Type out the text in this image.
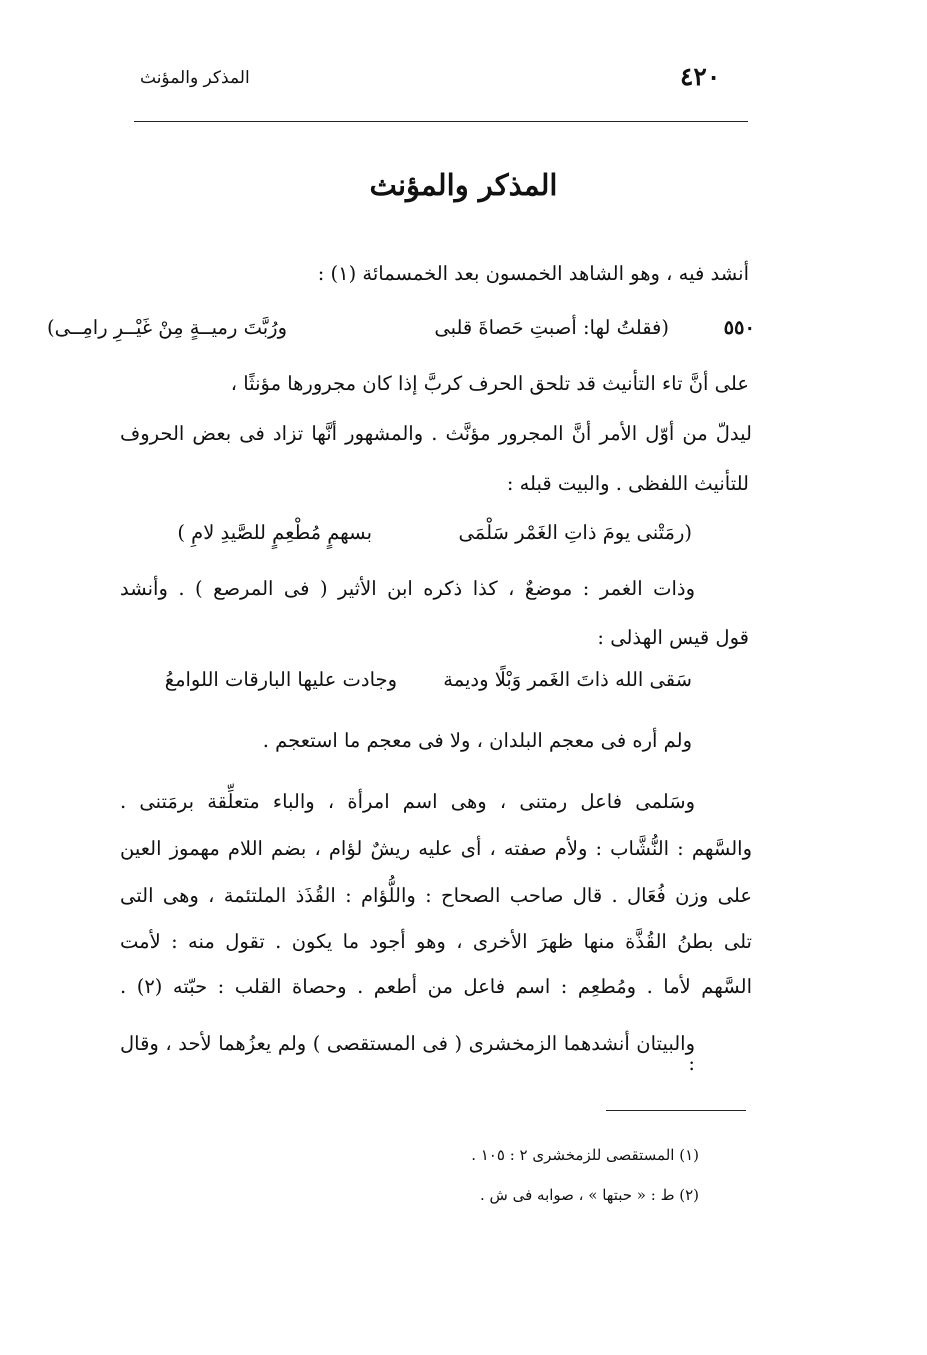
٤٢٠
المذكر والمؤنث
المذكر والمؤنث
أنشد فيه ، وهو الشاهد الخمسون بعد الخمسمائة (١) :
٥٥٠
(فقلتُ لها: أصبتِ حَصاةَ قلبى
ورُبَّتَ رميــةٍ مِنْ غَيْــرِ رامِــى)
على أنَّ تاء التأنيث قد تلحق الحرف كربَّ إذا كان مجرورها مؤنثًا ،
ليدلّ من أوّل الأمر أنَّ المجرور مؤنَّث . والمشهور أنَّها تزاد فى بعض الحروف
للتأنيث اللفظى . والبيت قبله :
(رمَتْنى يومَ ذاتِ الغَمْر سَلْمَى
بسهمٍ مُطْعِمٍ للصَّيدِ لامِ )
وذات الغمر : موضعٌ ، كذا ذكره ابن الأثير ( فى المرصع ) . وأنشد
قول قيس الهذلى :
سَقى الله ذاتَ الغَمر وَبْلًا وديمة
وجادت عليها البارقات اللوامعُ
ولم أره فى معجم البلدان ، ولا فى معجم ما استعجم .
وسَلمى فاعل رمتنى ، وهى اسم امرأة ، والباء متعلِّقة برمَتنى .
والسَّهم : النُّشَّاب : ولأم صفته ، أى عليه ريشٌ لؤام ، بضم اللام مهموز العين
على وزن فُعَال . قال صاحب الصحاح : واللُّؤام : القُذَذ الملتئمة ، وهى التى
تلى بطنُ القُذَّة منها ظهرَ الأخرى ، وهو أجود ما يكون . تقول منه : لأمت
السَّهم لأما . ومُطعِم : اسم فاعل من أطعم . وحصاة القلب : حبّته (٢) .
والبيتان أنشدهما الزمخشرى ( فى المستقصى ) ولم يعزُهما لأحد ، وقال :
(١) المستقصى للزمخشرى ٢ : ١٠٥ .
(٢) ط : « حبتها » ، صوابه فى ش .
